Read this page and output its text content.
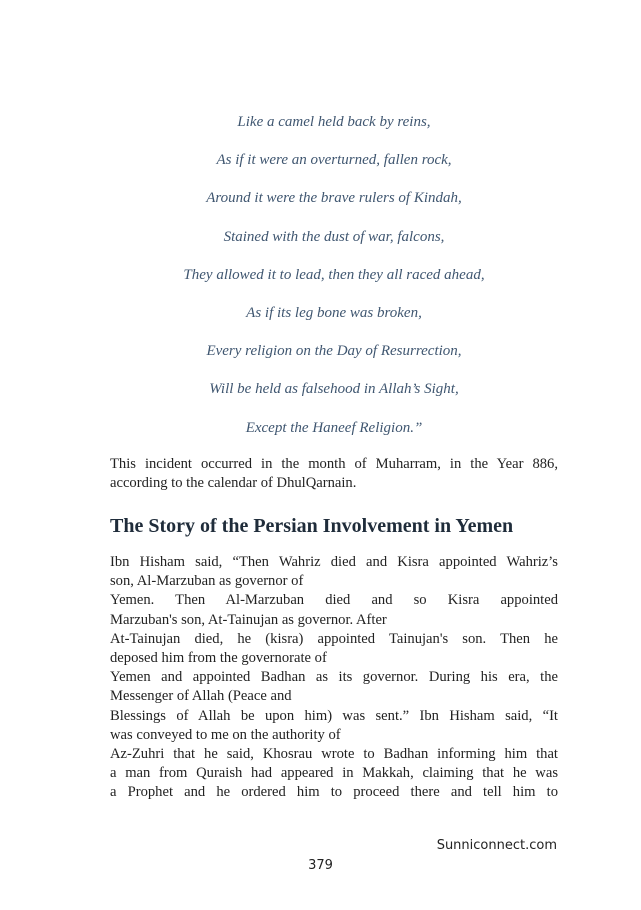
Like a camel held back by reins,
As if it were an overturned, fallen rock,
Around it were the brave rulers of Kindah,
Stained with the dust of war, falcons,
They allowed it to lead, then they all raced ahead,
As if its leg bone was broken,
Every religion on the Day of Resurrection,
Will be held as falsehood in Allah’s Sight,
Except the Haneef Religion.”
This incident occurred in the month of Muharram, in the Year 886,
according to the calendar of DhulQarnain.
The Story of the Persian Involvement in Yemen
Ibn Hisham said, “Then Wahriz died and Kisra appointed Wahriz’s
son, Al-Marzuban as governor of
Yemen. Then Al-Marzuban died and so Kisra appointed
Marzuban's son, At-Tainujan as governor. After
At-Tainujan died, he (kisra) appointed Tainujan's son. Then he
deposed him from the governorate of
Yemen and appointed Badhan as its governor. During his era, the
Messenger of Allah (Peace and
Blessings of Allah be upon him) was sent.” Ibn Hisham said, “It
was conveyed to me on the authority of
Az-Zuhri that he said, Khosrau wrote to Badhan informing him that
a man from Quraish had appeared in Makkah, claiming that he was
a Prophet and he ordered him to proceed there and tell him to
Sunniconnect.com
379
